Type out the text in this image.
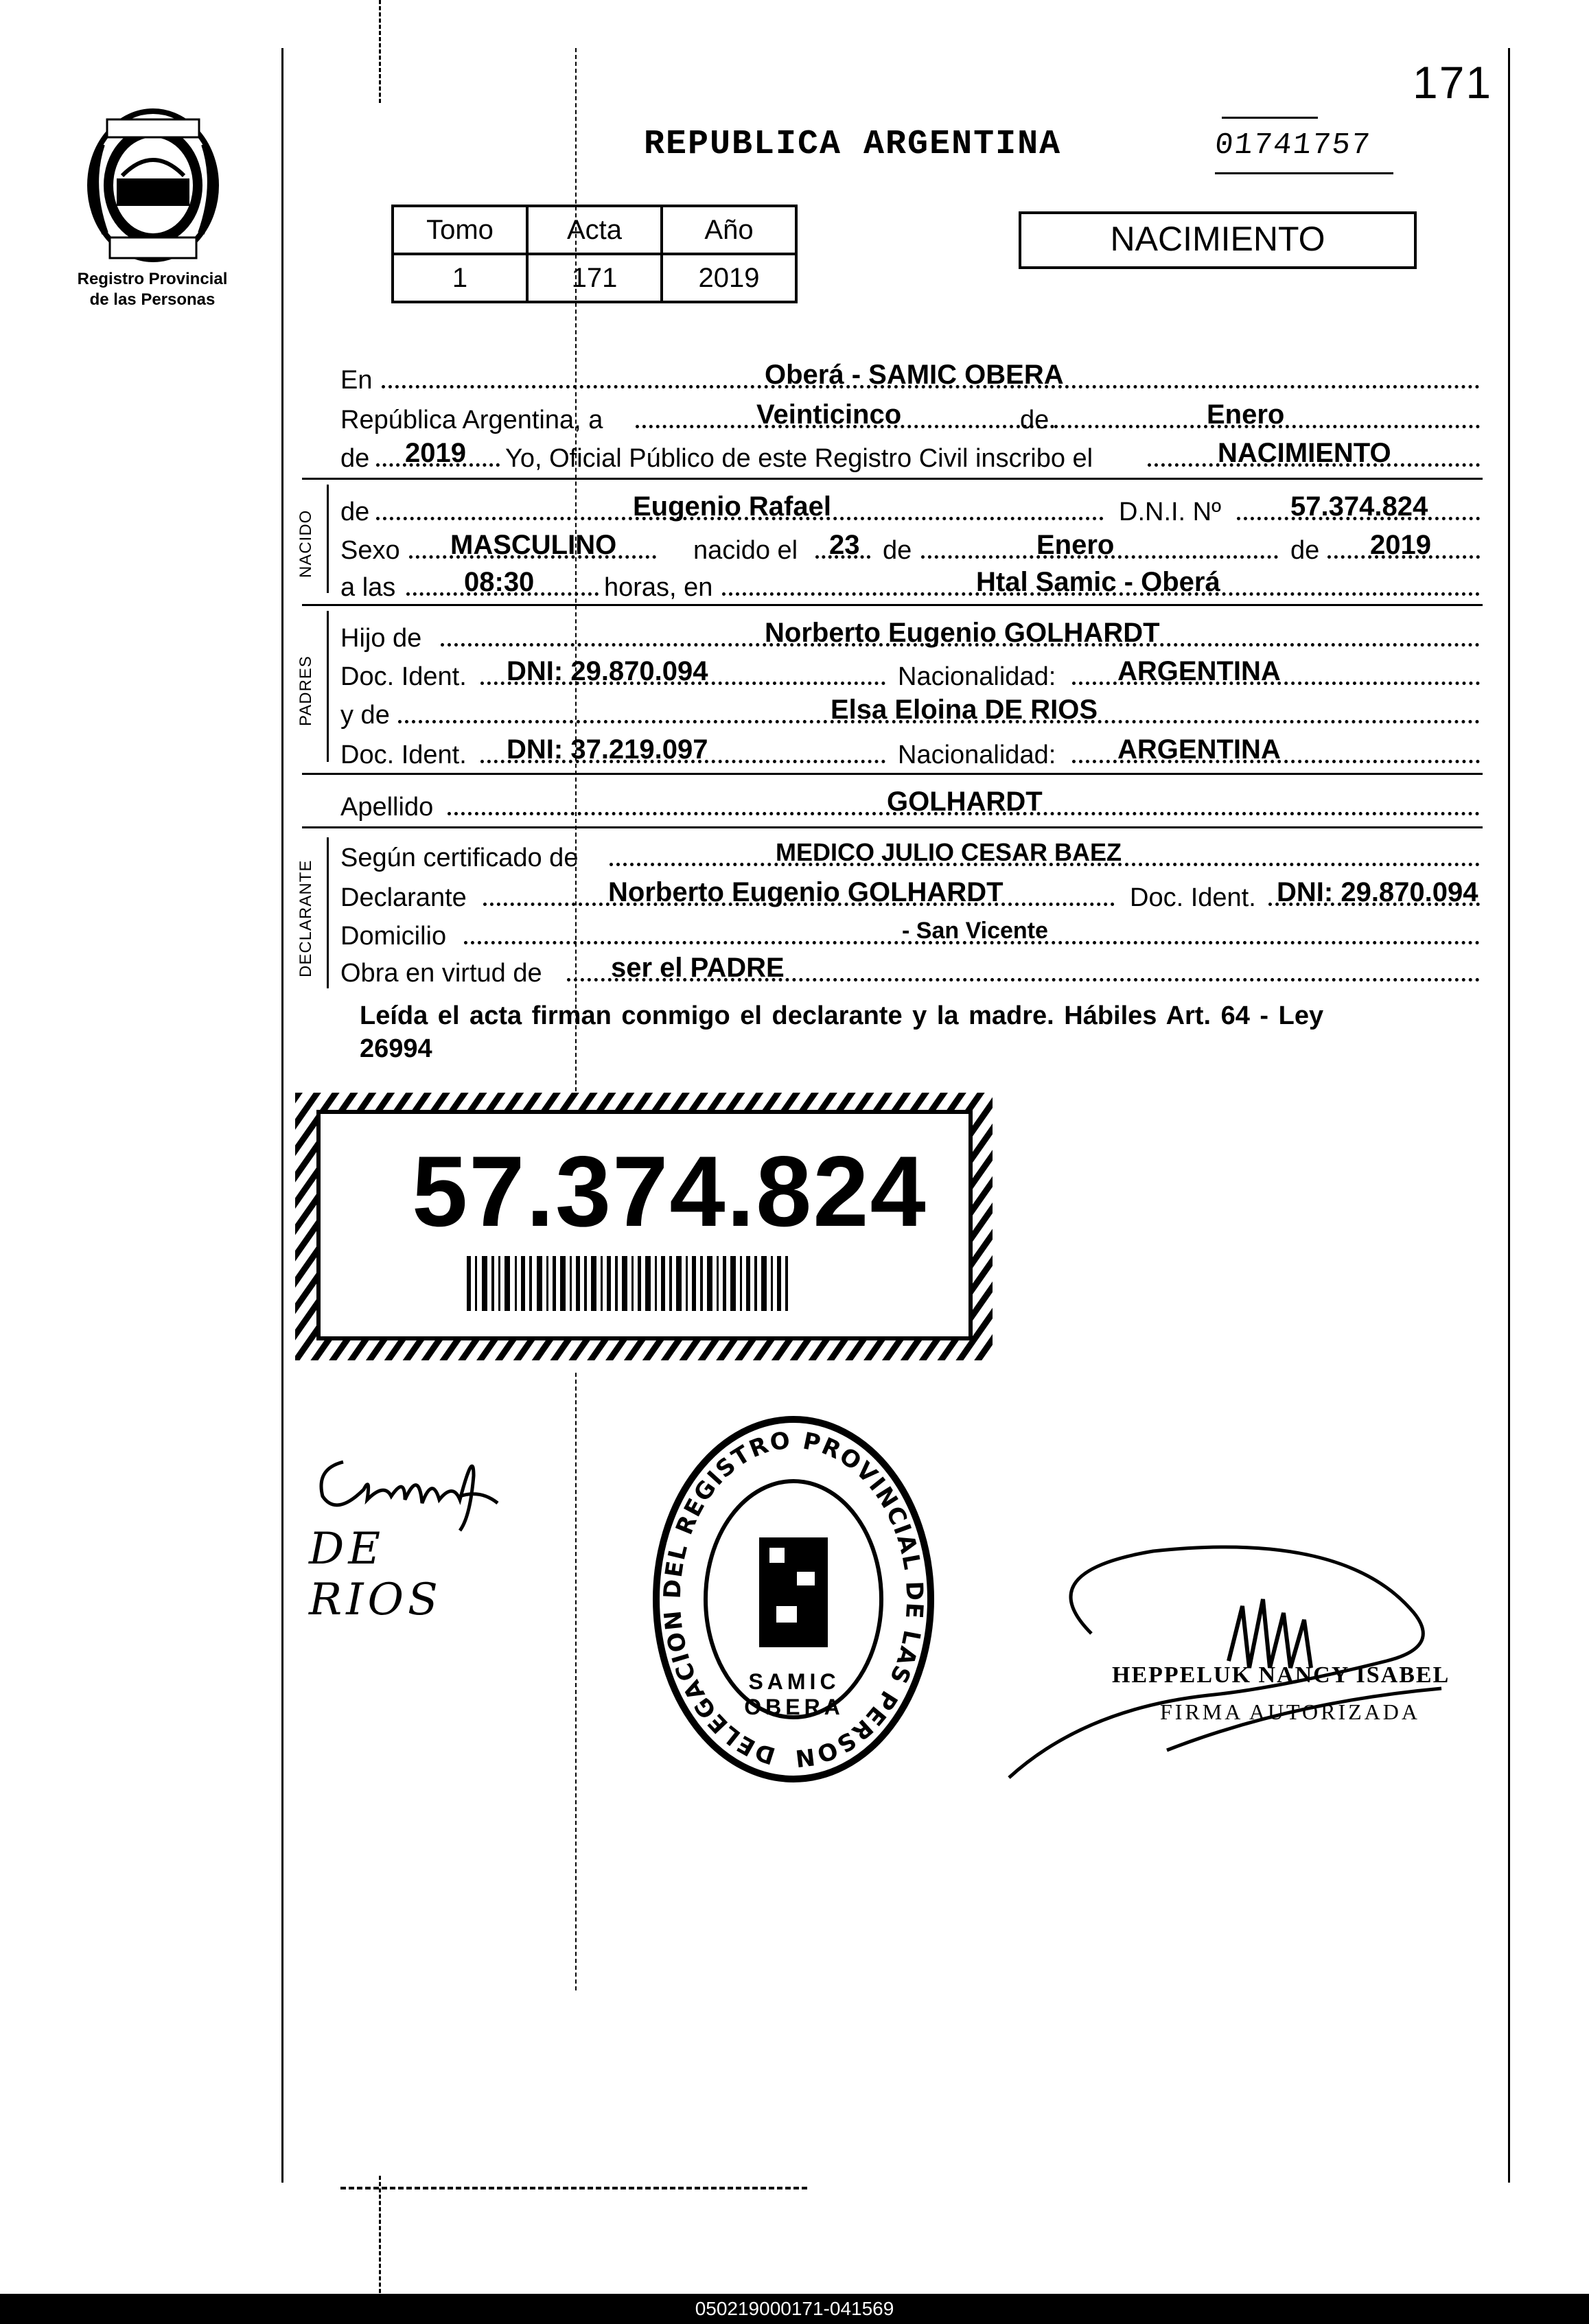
171
REPUBLICA ARGENTINA	01741757
NACIMIENTO
Registro Provincial
de las Personas
Tomo	Acta	Año
1	171	2019
En	Oberá - SAMIC OBERA
República Argentina, a	Veinticinco	de	Enero
de 2019 Yo, Oficial Público de este Registro Civil inscribo el	NACIMIENTO
NACIDO de	Eugenio Rafael	D.N.I. Nº	57.374.824
Sexo MASCULINO	nacido el 23 de	Enero	de 2019
a las 08:30	horas, en	Htal Samic - Oberá
PADRES
Hijo de	Norberto Eugenio GOLHARDT
Doc. Ident. DNI: 29.870.094	Nacionalidad: ARGENTINA
y de	Elsa Eloina DE RIOS
Doc. Ident. DNI: 37.219.097	Nacionalidad: ARGENTINA
Apellido	GOLHARDT
DECLARANTE
Según certificado de	MEDICO JULIO CESAR BAEZ
Declarante	Norberto Eugenio GOLHARDT	Doc. Ident. DNI: 29.870.094
Domicilio	- San Vicente
Obra en virtud de	ser el PADRE
Leída el acta firman conmigo el declarante y la madre. Hábiles Art. 64 - Ley
26994
57.374.824
DE RIOS
DELEGACION DEL REGISTRO PROVINCIAL DE LAS PERSON
SAMIC OBERA
HEPPELUK NANCY ISABEL
FIRMA AUTORIZADA
050219000171-041569
